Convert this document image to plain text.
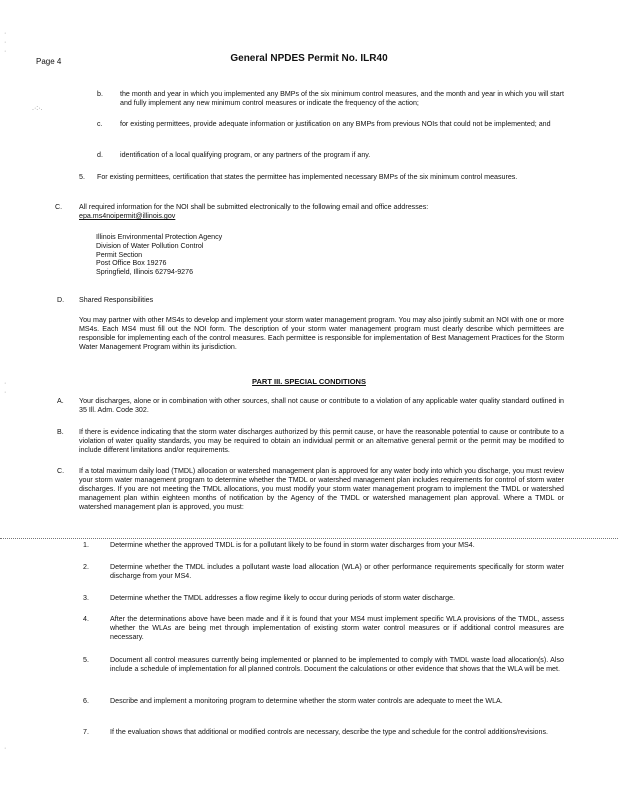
·
·
·
.·:·.
·
·
·
Page 4	General NPDES Permit No. ILR40
b. the month and year in which you implemented any BMPs of the six minimum control measures, and the month and year in which you will start and fully implement any new minimum control measures or indicate the frequency of the action;
c. for existing permittees, provide adequate information or justification on any BMPs from previous NOIs that could not be implemented; and
d. identification of a local qualifying program, or any partners of the program if any.
5. For existing permittees, certification that states the permittee has implemented necessary BMPs of the six minimum control measures.
C. All required information for the NOI shall be submitted electronically to the following email and office addresses:
epa.ms4noipermit@illinois.gov
Illinois Environmental Protection Agency
Division of Water Pollution Control
Permit Section
Post Office Box 19276
Springfield, Illinois 62794-9276
D. Shared Responsibilities
You may partner with other MS4s to develop and implement your storm water management program. You may also jointly submit an NOI with one or more MS4s. Each MS4 must fill out the NOI form. The description of your storm water management program must clearly describe which permittees are responsible for implementing each of the control measures. Each permittee is responsible for implementation of Best Management Practices for the Storm Water Management Program within its jurisdiction.
PART III. SPECIAL CONDITIONS
A. Your discharges, alone or in combination with other sources, shall not cause or contribute to a violation of any applicable water quality standard outlined in 35 Ill. Adm. Code 302.
B. If there is evidence indicating that the storm water discharges authorized by this permit cause, or have the reasonable potential to cause or contribute to a violation of water quality standards, you may be required to obtain an individual permit or an alternative general permit or the permit may be modified to include different limitations and/or requirements.
C. If a total maximum daily load (TMDL) allocation or watershed management plan is approved for any water body into which you discharge, you must review your storm water management program to determine whether the TMDL or watershed management plan includes requirements for control of storm water discharges. If you are not meeting the TMDL allocations, you must modify your storm water management program to implement the TMDL or watershed management plan within eighteen months of notification by the Agency of the TMDL or watershed management plan approval. Where a TMDL or watershed management plan is approved, you must:
1.	Determine whether the approved TMDL is for a pollutant likely to be found in storm water discharges from your MS4.
2.	Determine whether the TMDL includes a pollutant waste load allocation (WLA) or other performance requirements specifically for storm water discharge from your MS4.
3.	Determine whether the TMDL addresses a flow regime likely to occur during periods of storm water discharge.
4.	After the determinations above have been made and if it is found that your MS4 must implement specific WLA provisions of the TMDL, assess whether the WLAs are being met through implementation of existing storm water control measures or if additional control measures are necessary.
5.	Document all control measures currently being implemented or planned to be implemented to comply with TMDL waste load allocation(s). Also include a schedule of implementation for all planned controls. Document the calculations or other evidence that shows that the WLA will be met.
6.	Describe and implement a monitoring program to determine whether the storm water controls are adequate to meet the WLA.
7.	If the evaluation shows that additional or modified controls are necessary, describe the type and schedule for the control additions/revisions.
